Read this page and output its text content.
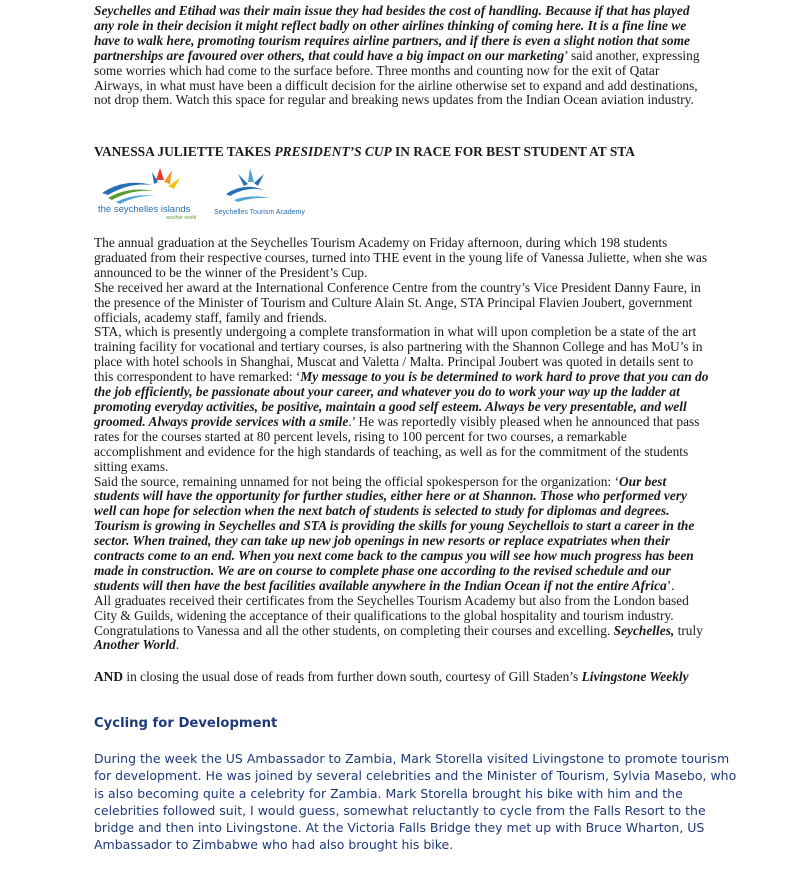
Seychelles and Etihad was their main issue they had besides the cost of handling. Because if that has played any role in their decision it might reflect badly on other airlines thinking of coming here. It is a fine line we have to walk here, promoting tourism requires airline partners, and if there is even a slight notion that some partnerships are favoured over others, that could have a big impact on our marketing’ said another, expressing some worries which had come to the surface before. Three months and counting now for the exit of Qatar Airways, in what must have been a difficult decision for the airline otherwise set to expand and add destinations, not drop them. Watch this space for regular and breaking news updates from the Indian Ocean aviation industry.

VANESSA JULIETTE TAKES PRESIDENT’S CUP IN RACE FOR BEST STUDENT AT STA
the seychelles islands
another world
Seychelles Tourism Academy

The annual graduation at the Seychelles Tourism Academy on Friday afternoon, during which 198 students graduated from their respective courses, turned into THE event in the young life of Vanessa Juliette, when she was announced to be the winner of the President’s Cup.

She received her award at the International Conference Centre from the country’s Vice President Danny Faure, in the presence of the Minister of Tourism and Culture Alain St. Ange, STA Principal Flavien Joubert, government officials, academy staff, family and friends.

STA, which is presently undergoing a complete transformation in what will upon completion be a state of the art training facility for vocational and tertiary courses, is also partnering with the Shannon College and has MoU’s in place with hotel schools in Shanghai, Muscat and Valetta / Malta. Principal Joubert was quoted in details sent to this correspondent to have remarked: ‘My message to you is be determined to work hard to prove that you can do the job efficiently, be passionate about your career, and whatever you do to work your way up the ladder at promoting everyday activities, be positive, maintain a good self esteem. Always be very presentable, and well groomed. Always provide services with a smile.’ He was reportedly visibly pleased when he announced that pass rates for the courses started at 80 percent levels, rising to 100 percent for two courses, a remarkable accomplishment and evidence for the high standards of teaching, as well as for the commitment of the students sitting exams.

Said the source, remaining unnamed for not being the official spokesperson for the organization: ‘Our best students will have the opportunity for further studies, either here or at Shannon. Those who performed very well can hope for selection when the next batch of students is selected to study for diplomas and degrees. Tourism is growing in Seychelles and STA is providing the skills for young Seychellois to start a career in the sector. When trained, they can take up new job openings in new resorts or replace expatriates when their contracts come to an end. When you next come back to the campus you will see how much progress has been made in construction. We are on course to complete phase one according to the revised schedule and our students will then have the best facilities available anywhere in the Indian Ocean if not the entire Africa’.

All graduates received their certificates from the Seychelles Tourism Academy but also from the London based City & Guilds, widening the acceptance of their qualifications to the global hospitality and tourism industry.

Congratulations to Vanessa and all the other students, on completing their courses and excelling. Seychelles, truly Another World.

AND in closing the usual dose of reads from further down south, courtesy of Gill Staden’s Livingstone Weekly

Cycling for Development
During the week the US Ambassador to Zambia, Mark Storella visited Livingstone to promote tourism for development. He was joined by several celebrities and the Minister of Tourism, Sylvia Masebo, who is also becoming quite a celebrity for Zambia. Mark Storella brought his bike with him and the celebrities followed suit, I would guess, somewhat reluctantly to cycle from the Falls Resort to the bridge and then into Livingstone. At the Victoria Falls Bridge they met up with Bruce Wharton, US Ambassador to Zimbabwe who had also brought his bike.
